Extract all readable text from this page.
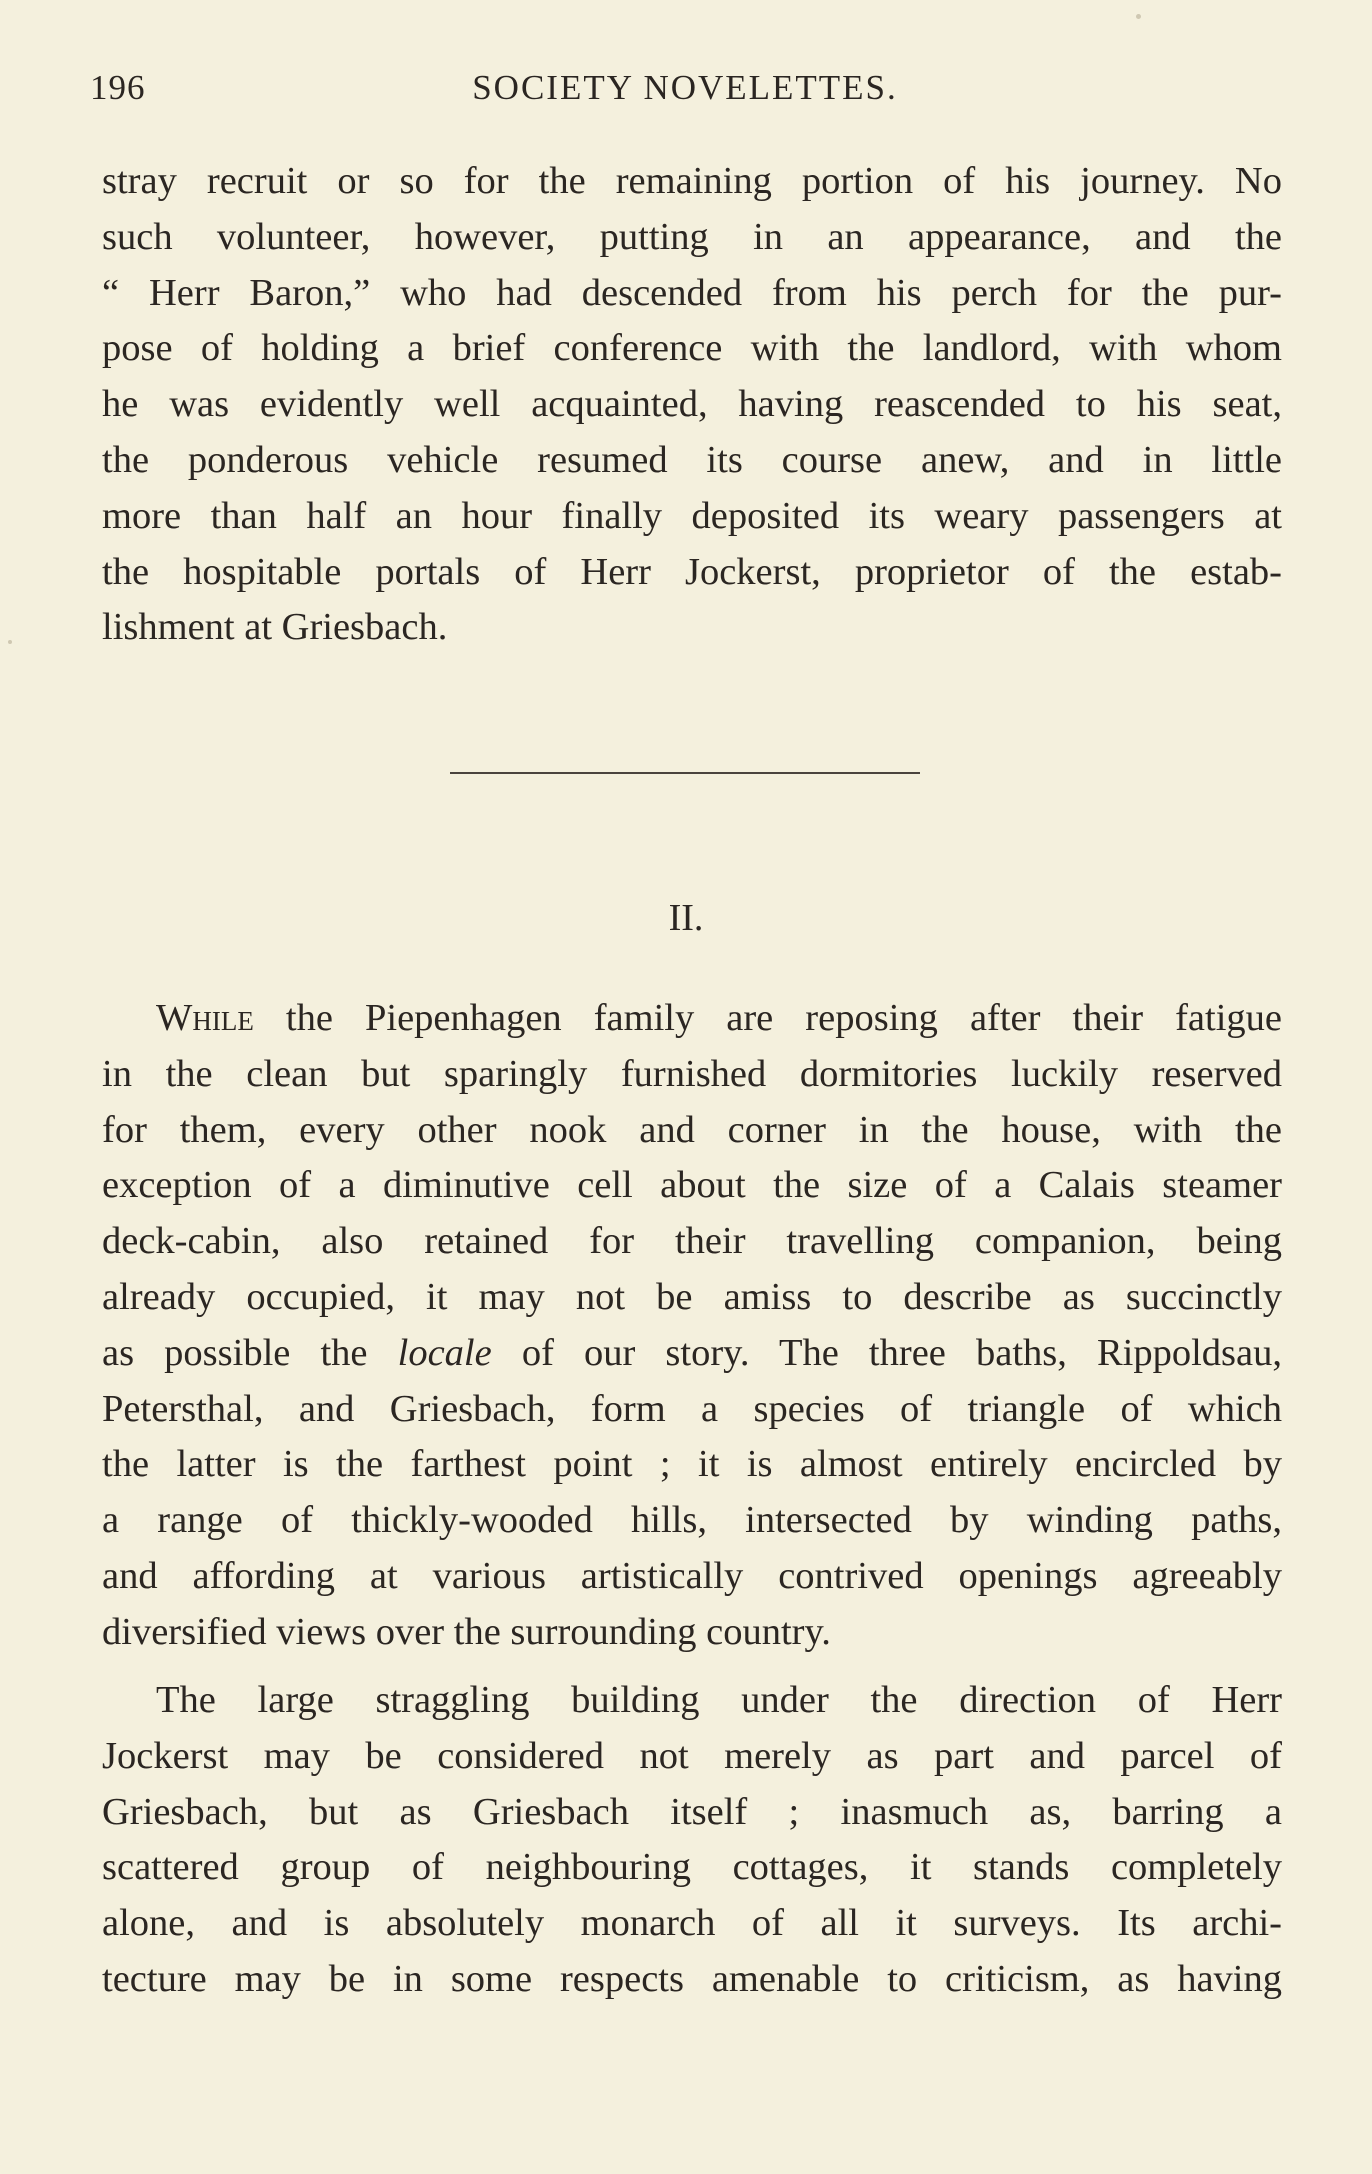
196	SOCIETY NOVELETTES.
stray recruit or so for the remaining portion of his journey. No
such volunteer, however, putting in an appearance, and the
“ Herr Baron,” who had descended from his perch for the pur-
pose of holding a brief conference with the landlord, with whom
he was evidently well acquainted, having reascended to his seat,
the ponderous vehicle resumed its course anew, and in little
more than half an hour finally deposited its weary passengers at
the hospitable portals of Herr Jockerst, proprietor of the estab-
lishment at Griesbach.
II.
While the Piepenhagen family are reposing after their fatigue
in the clean but sparingly furnished dormitories luckily reserved
for them, every other nook and corner in the house, with the
exception of a diminutive cell about the size of a Calais steamer
deck-cabin, also retained for their travelling companion, being
already occupied, it may not be amiss to describe as succinctly
as possible the locale of our story. The three baths, Rippoldsau,
Petersthal, and Griesbach, form a species of triangle of which
the latter is the farthest point ; it is almost entirely encircled by
a range of thickly-wooded hills, intersected by winding paths,
and affording at various artistically contrived openings agreeably
diversified views over the surrounding country.
The large straggling building under the direction of Herr
Jockerst may be considered not merely as part and parcel of
Griesbach, but as Griesbach itself ; inasmuch as, barring a
scattered group of neighbouring cottages, it stands completely
alone, and is absolutely monarch of all it surveys. Its archi-
tecture may be in some respects amenable to criticism, as having
